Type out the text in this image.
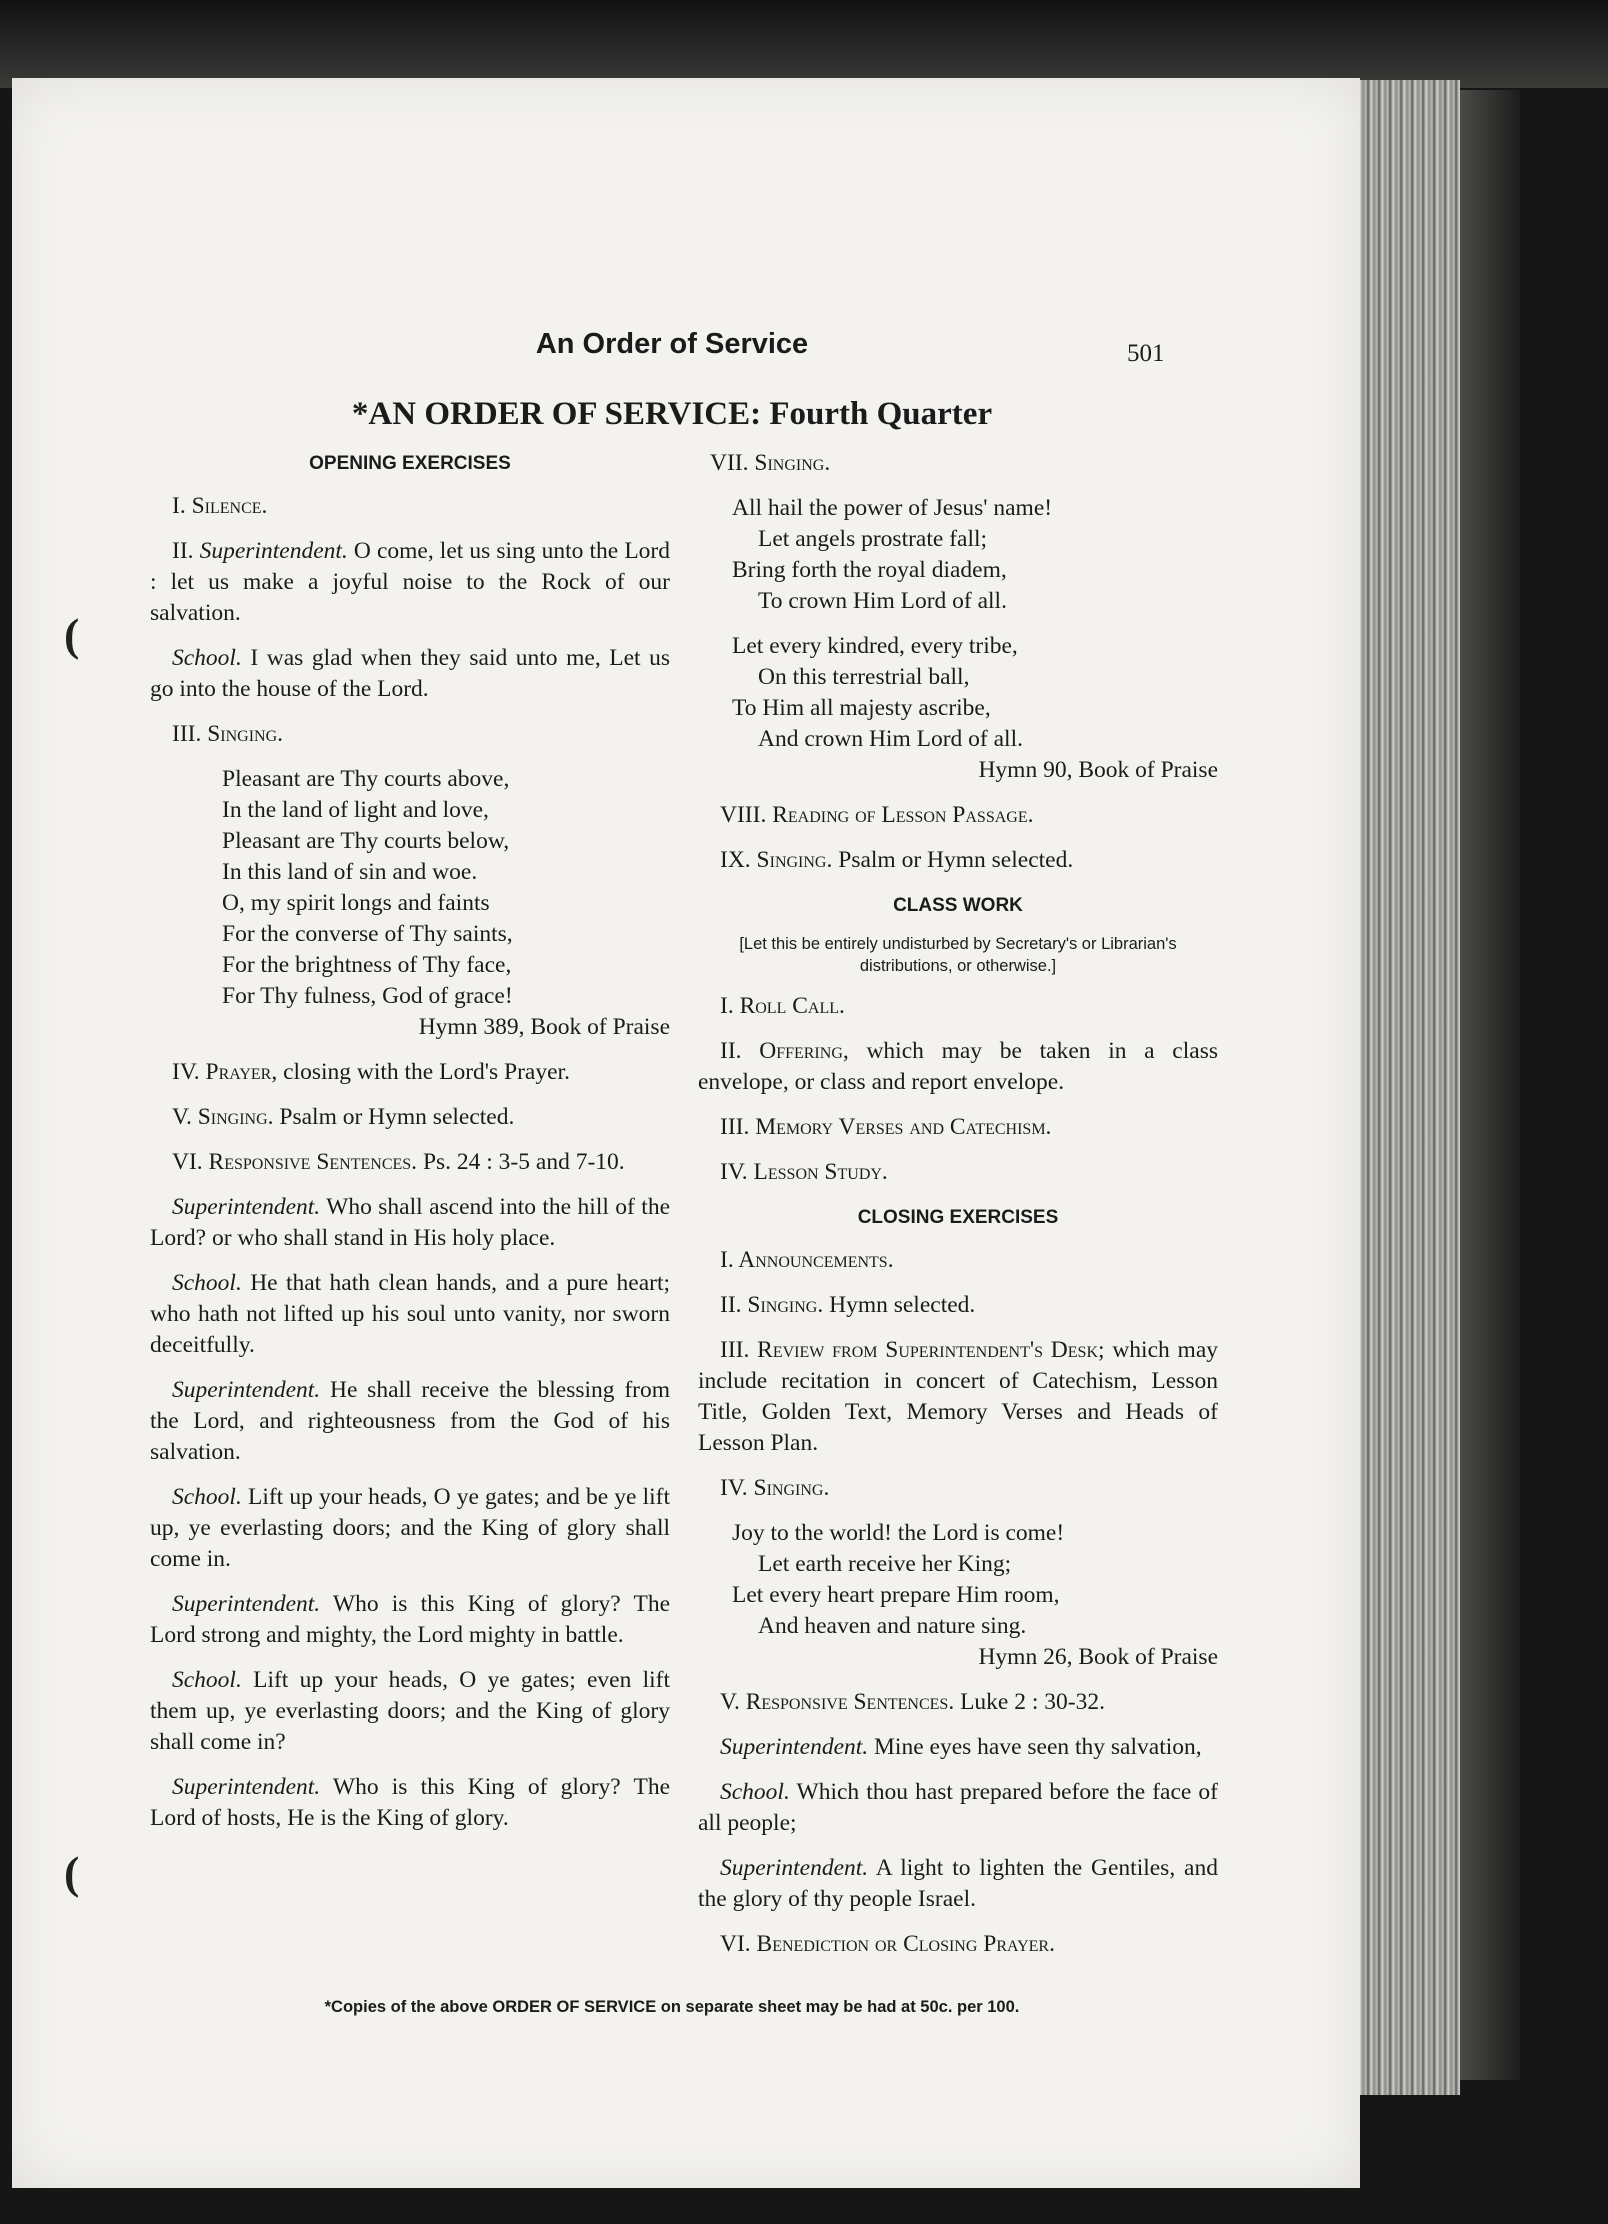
An Order of Service	501
*AN ORDER OF SERVICE: Fourth Quarter
(
(
OPENING EXERCISES

I. Silence.

II. Superintendent. O come, let us sing unto the Lord : let us make a joyful noise to the Rock of our salvation.

School. I was glad when they said unto me, Let us go into the house of the Lord.

III. Singing.

Pleasant are Thy courts above,

In the land of light and love,

Pleasant are Thy courts below,

In this land of sin and woe.

O, my spirit longs and faints

For the converse of Thy saints,

For the brightness of Thy face,

For Thy fulness, God of grace!

Hymn 389, Book of Praise

IV. Prayer, closing with the Lord's Prayer.

V. Singing. Psalm or Hymn selected.

VI. Responsive Sentences. Ps. 24 : 3-5 and 7-10.

Superintendent. Who shall ascend into the hill of the Lord? or who shall stand in His holy place.

School. He that hath clean hands, and a pure heart; who hath not lifted up his soul unto vanity, nor sworn deceitfully.

Superintendent. He shall receive the blessing from the Lord, and righteousness from the God of his salvation.

School. Lift up your heads, O ye gates; and be ye lift up, ye everlasting doors; and the King of glory shall come in.

Superintendent. Who is this King of glory? The Lord strong and mighty, the Lord mighty in battle.

School. Lift up your heads, O ye gates; even lift them up, ye everlasting doors; and the King of glory shall come in?

Superintendent. Who is this King of glory? The Lord of hosts, He is the King of glory.

VII. Singing.

All hail the power of Jesus' name!

Let angels prostrate fall;

Bring forth the royal diadem,

To crown Him Lord of all.

Let every kindred, every tribe,

On this terrestrial ball,

To Him all majesty ascribe,

And crown Him Lord of all.

Hymn 90, Book of Praise

VIII. Reading of Lesson Passage.

IX. Singing. Psalm or Hymn selected.

CLASS WORK

[Let this be entirely undisturbed by Secretary's or Librarian's distributions, or otherwise.]

I. Roll Call.

II. Offering, which may be taken in a class envelope, or class and report envelope.

III. Memory Verses and Catechism.

IV. Lesson Study.

CLOSING EXERCISES

I. Announcements.

II. Singing. Hymn selected.

III. Review from Superintendent's Desk; which may include recitation in concert of Catechism, Lesson Title, Golden Text, Memory Verses and Heads of Lesson Plan.

IV. Singing.

Joy to the world! the Lord is come!

Let earth receive her King;

Let every heart prepare Him room,

And heaven and nature sing.

Hymn 26, Book of Praise

V. Responsive Sentences. Luke 2 : 30-32.

Superintendent. Mine eyes have seen thy salvation,

School. Which thou hast prepared before the face of all people;

Superintendent. A light to lighten the Gentiles, and the glory of thy people Israel.

VI. Benediction or Closing Prayer.

*Copies of the above ORDER OF SERVICE on separate sheet may be had at 50c. per 100.
